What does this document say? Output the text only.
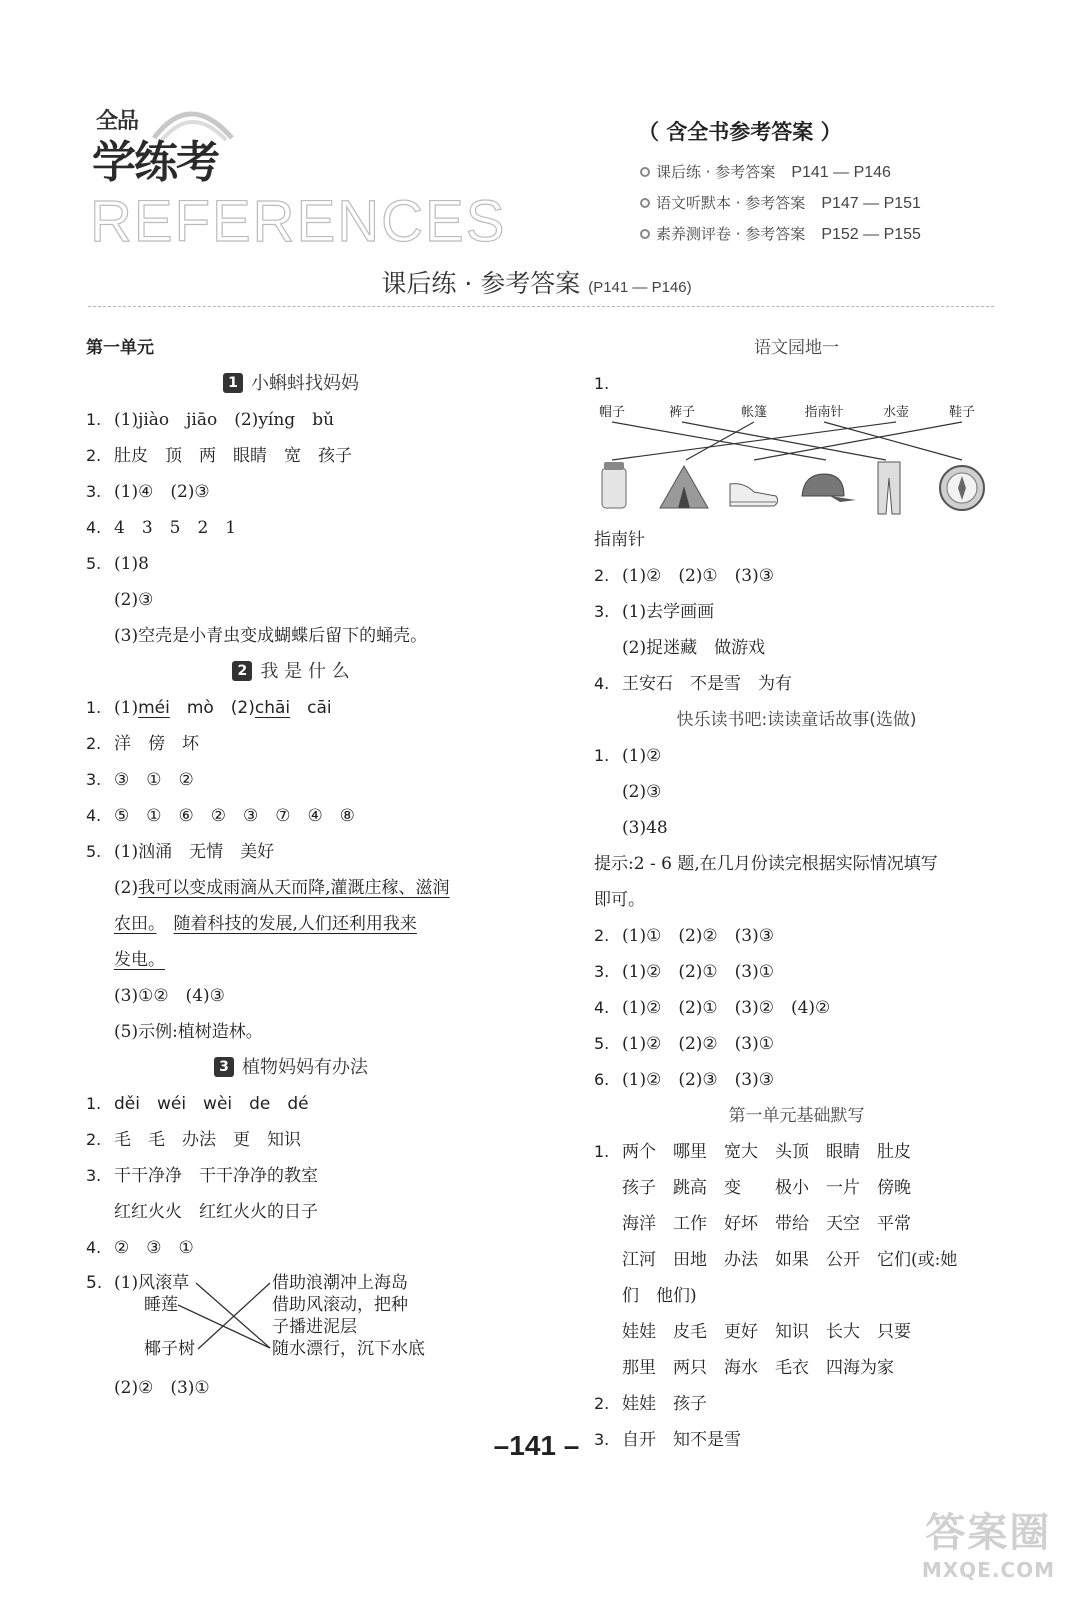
全品
学练考
REFERENCES
（ 含全书参考答案 ）
课后练 · 参考答案 P141 — P146
语文听默本 · 参考答案 P147 — P151
素养测评卷 · 参考答案 P152 — P155
课后练 · 参考答案 (P141 — P146)
第一单元
1 小蝌蚪找妈妈
1. (1)jiào　jiāo　(2)yíng　bǔ
2. 肚皮　顶　两　眼睛　宽　孩子
3. (1)④　(2)③
4. 4　3　5　2　1
5. (1)8
(2)③
(3)空壳是小青虫变成蝴蝶后留下的蛹壳。
2 我 是 什 么
1. (1)méi　 mò　(2)chāi　 cāi
2. 洋　傍　坏
3. ③　①　②
4. ⑤　①　⑥　②　③　⑦　④　⑧
5. (1)汹涌　无情　美好
(2)我可以变成雨滴从天而降,灌溉庄稼、滋润
农田。　 随着科技的发展,人们还利用我来
发电。
(3)①②　(4)③
(5)示例:植树造林。
3 植物妈妈有办法
1. děi　wéi　wèi　de　dé
2. 毛　毛　办法　更　知识
3. 干干净净　干干净净的教室
红红火火　红红火火的日子
4. ②　③　①
5. (1)风滚草
睡莲
椰子树
借助浪潮冲上海岛
借助风滚动，把种
子播进泥层
随水漂行，沉下水底
(2)②　(3)①
语文园地一
1.
帽子	裤子	帐篷	指南针	水壶	鞋子
指南针
2. (1)②　(2)①　(3)③
3. (1)去学画画
(2)捉迷藏　做游戏
4. 王安石　不是雪　为有
快乐读书吧:读读童话故事(选做)
1. (1)②
(2)③
(3)48
提示:2 - 6 题,在几月份读完根据实际情况填写
即可。
2. (1)①　(2)②　(3)③
3. (1)②　(2)①　(3)①
4. (1)②　(2)①　(3)②　(4)②
5. (1)②　(2)②　(3)①
6. (1)②　(2)③　(3)③
第一单元基础默写
1. 两个　哪里　宽大　头顶　眼睛　肚皮
孩子　跳高　变　　极小　一片　傍晚
海洋　工作　好坏　带给　天空　平常
江河　田地　办法　如果　公开　它们(或:她
们　他们)
娃娃　皮毛　更好　知识　长大　只要
那里　两只　海水　毛衣　四海为家
2. 娃娃　孩子
3. 自开　知不是雪
–141 –
答案圈
MXQE.COM
